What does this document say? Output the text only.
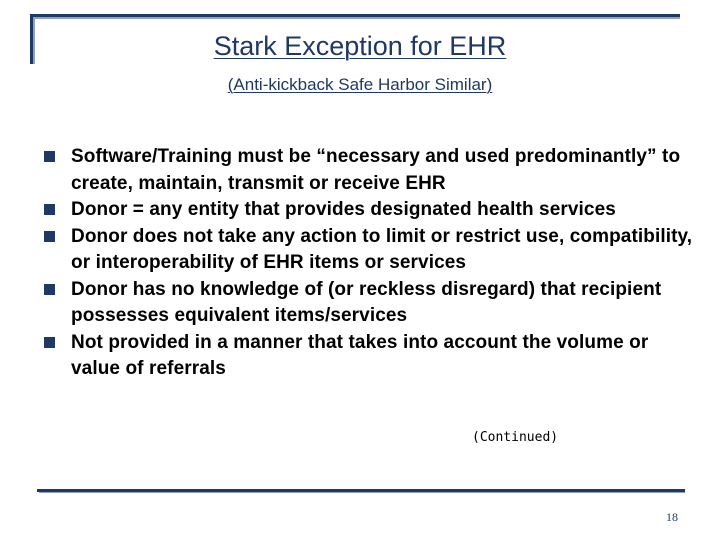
Stark Exception for EHR
(Anti-kickback Safe Harbor Similar)
Software/Training must be “necessary and used predominantly” to create, maintain, transmit or receive EHR
Donor = any entity that provides designated health services
Donor does not take any action to limit or restrict use, compatibility, or interoperability of EHR items or services
Donor has no knowledge of (or reckless disregard) that recipient possesses equivalent items/services
Not provided in a manner that takes into account the volume or value of referrals
(Continued)
18
